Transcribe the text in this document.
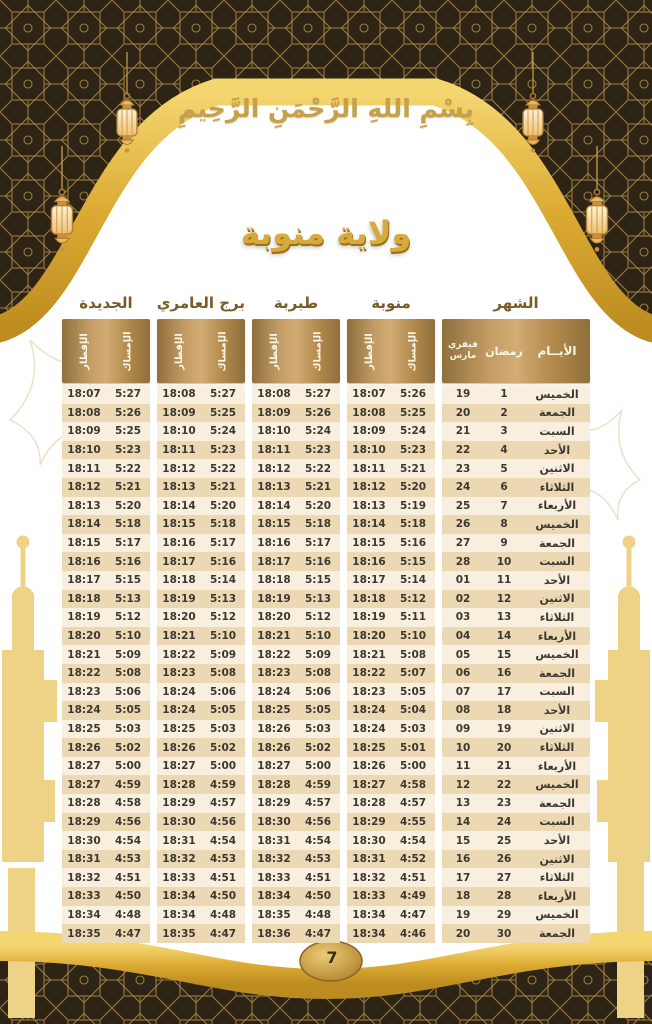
بِسْمِ اللهِ الرَّحْمَنِ الرَّحِيمِ
ولاية منوبة
الشهر
الأيــام
رمضان
فيفري
مارس
الخميس
1
19
الجمعة
2
20
السبت
3
21
الأحد
4
22
الاثنين
5
23
الثلاثاء
6
24
الأربعاء
7
25
الخميس
8
26
الجمعة
9
27
السبت
10
28
الأحد
11
01
الاثنين
12
02
الثلاثاء
13
03
الأربعاء
14
04
الخميس
15
05
الجمعة
16
06
السبت
17
07
الأحد
18
08
الاثنين
19
09
الثلاثاء
20
10
الأربعاء
21
11
الخميس
22
12
الجمعة
23
13
السبت
24
14
الأحد
25
15
الاثنين
26
16
الثلاثاء
27
17
الأربعاء
28
18
الخميس
29
19
الجمعة
30
20
منوبة
الإمساك
الإفطار
5:26
18:07
5:25
18:08
5:24
18:09
5:23
18:10
5:21
18:11
5:20
18:12
5:19
18:13
5:18
18:14
5:16
18:15
5:15
18:16
5:14
18:17
5:12
18:18
5:11
18:19
5:10
18:20
5:08
18:21
5:07
18:22
5:05
18:23
5:04
18:24
5:03
18:24
5:01
18:25
5:00
18:26
4:58
18:27
4:57
18:28
4:55
18:29
4:54
18:30
4:52
18:31
4:51
18:32
4:49
18:33
4:47
18:34
4:46
18:34
طبربة
الإمساك
الإفطار
5:27
18:08
5:26
18:09
5:24
18:10
5:23
18:11
5:22
18:12
5:21
18:13
5:20
18:14
5:18
18:15
5:17
18:16
5:16
18:17
5:15
18:18
5:13
18:19
5:12
18:20
5:10
18:21
5:09
18:22
5:08
18:23
5:06
18:24
5:05
18:25
5:03
18:26
5:02
18:26
5:00
18:27
4:59
18:28
4:57
18:29
4:56
18:30
4:54
18:31
4:53
18:32
4:51
18:33
4:50
18:34
4:48
18:35
4:47
18:36
برج العامري
الإمساك
الإفطار
5:27
18:08
5:25
18:09
5:24
18:10
5:23
18:11
5:22
18:12
5:21
18:13
5:20
18:14
5:18
18:15
5:17
18:16
5:16
18:17
5:14
18:18
5:13
18:19
5:12
18:20
5:10
18:21
5:09
18:22
5:08
18:23
5:06
18:24
5:05
18:24
5:03
18:25
5:02
18:26
5:00
18:27
4:59
18:28
4:57
18:29
4:56
18:30
4:54
18:31
4:53
18:32
4:51
18:33
4:50
18:34
4:48
18:34
4:47
18:35
الجديدة
الإمساك
الإفطار
5:27
18:07
5:26
18:08
5:25
18:09
5:23
18:10
5:22
18:11
5:21
18:12
5:20
18:13
5:18
18:14
5:17
18:15
5:16
18:16
5:15
18:17
5:13
18:18
5:12
18:19
5:10
18:20
5:09
18:21
5:08
18:22
5:06
18:23
5:05
18:24
5:03
18:25
5:02
18:26
5:00
18:27
4:59
18:27
4:58
18:28
4:56
18:29
4:54
18:30
4:53
18:31
4:51
18:32
4:50
18:33
4:48
18:34
4:47
18:35
7
